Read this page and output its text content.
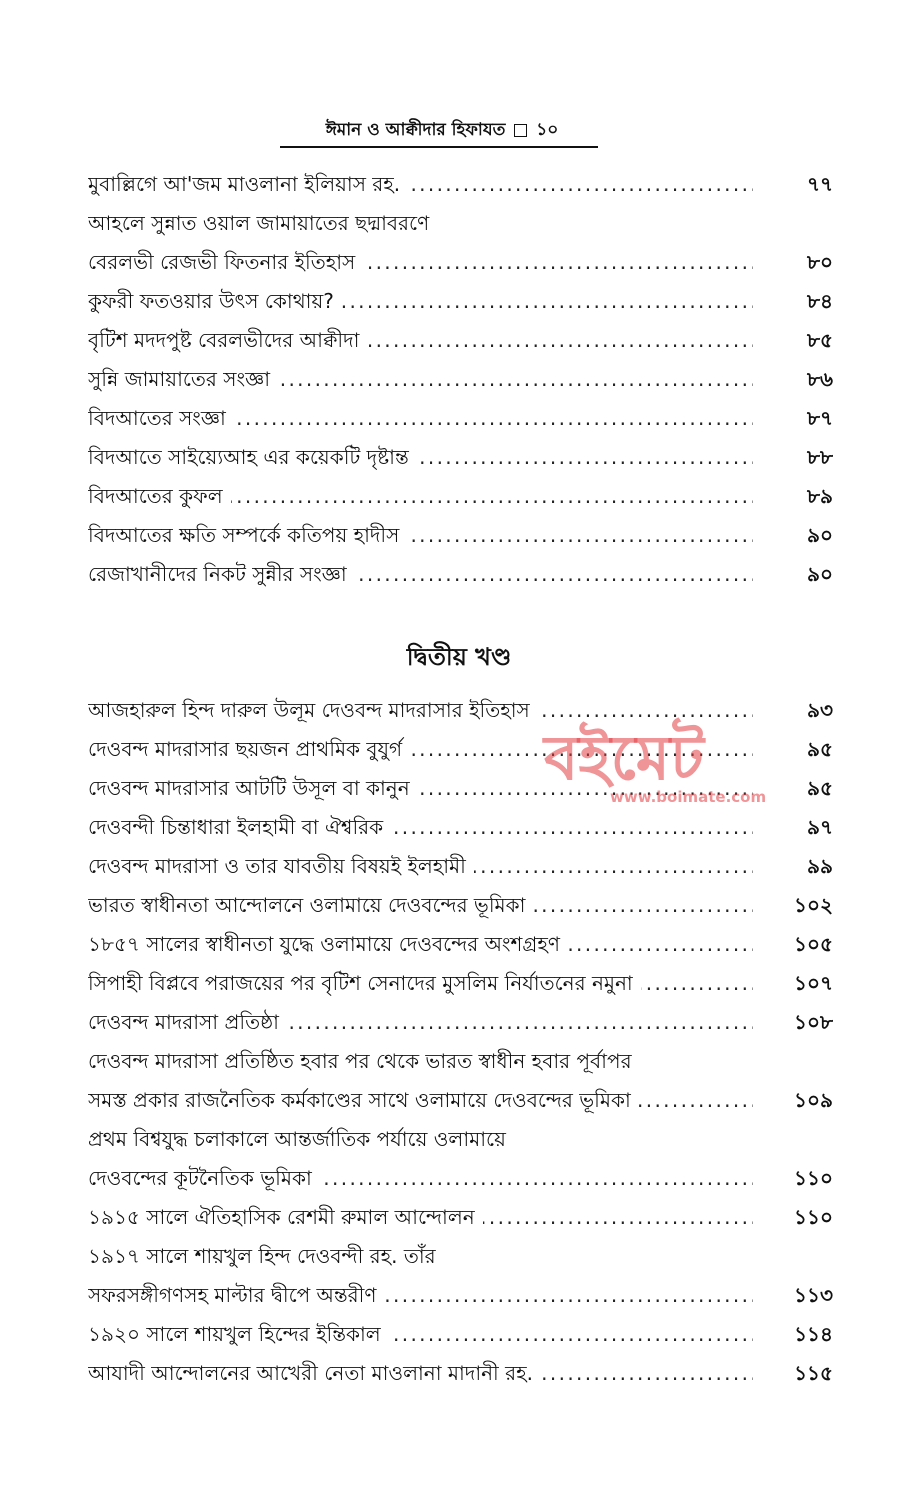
ঈমান ও আক্বীদার হিফাযত ১০
মুবাল্লিগে আ'জম মাওলানা ইলিয়াস রহ. . . .	৭৭
আহলে সুন্নাত ওয়াল জামায়াতের ছদ্মাবরণে
বেরলভী রেজভী ফিতনার ইতিহাস . . .	৮০
কুফরী ফতওয়ার উৎস কোথায়? . . .	৮৪
বৃটিশ মদদপুষ্ট বেরলভীদের আক্বীদা . . .	৮৫
সুন্নি জামায়াতের সংজ্ঞা . . .	৮৬
বিদআতের সংজ্ঞা . . .	৮৭
বিদআতে সাইয়্যেআহ এর কয়েকটি দৃষ্টান্ত . . .	৮৮
বিদআতের কুফল . . .	৮৯
বিদআতের ক্ষতি সম্পর্কে কতিপয় হাদীস . . .	৯০
রেজাখানীদের নিকট সুন্নীর সংজ্ঞা . . .	৯০
দ্বিতীয় খণ্ড
আজহারুল হিন্দ দারুল উলূম দেওবন্দ মাদরাসার ইতিহাস . . .	৯৩
দেওবন্দ মাদরাসার ছয়জন প্রাথমিক বুযুর্গ . . .	৯৫
দেওবন্দ মাদরাসার আটটি উসূল বা কানুন . . .	৯৫
দেওবন্দী চিন্তাধারা ইলহামী বা ঐশ্বরিক . . .	৯৭
দেওবন্দ মাদরাসা ও তার যাবতীয় বিষয়ই ইলহামী . . .	৯৯
ভারত স্বাধীনতা আন্দোলনে ওলামায়ে দেওবন্দের ভূমিকা . . .	১০২
১৮৫৭ সালের স্বাধীনতা যুদ্ধে ওলামায়ে দেওবন্দের অংশগ্রহণ . . .	১০৫
সিপাহী বিপ্লবে পরাজয়ের পর বৃটিশ সেনাদের মুসলিম নির্যাতনের নমুনা . . .	১০৭
দেওবন্দ মাদরাসা প্রতিষ্ঠা . . .	১০৮
দেওবন্দ মাদরাসা প্রতিষ্ঠিত হবার পর থেকে ভারত স্বাধীন হবার পূর্বাপর
সমস্ত প্রকার রাজনৈতিক কর্মকাণ্ডের সাথে ওলামায়ে দেওবন্দের ভূমিকা . . .	১০৯
প্রথম বিশ্বযুদ্ধ চলাকালে আন্তর্জাতিক পর্যায়ে ওলামায়ে
দেওবন্দের কূটনৈতিক ভূমিকা . . .	১১০
১৯১৫ সালে ঐতিহাসিক রেশমী রুমাল আন্দোলন . . .	১১০
১৯১৭ সালে শায়খুল হিন্দ দেওবন্দী রহ. তাঁর
সফরসঙ্গীগণসহ মাল্টার দ্বীপে অন্তরীণ . . .	১১৩
১৯২০ সালে শায়খুল হিন্দের ইন্তিকাল . . .	১১৪
আযাদী আন্দোলনের আখেরী নেতা মাওলানা মাদানী রহ. . . .	১১৫
বইমেট
www.boimate.com
